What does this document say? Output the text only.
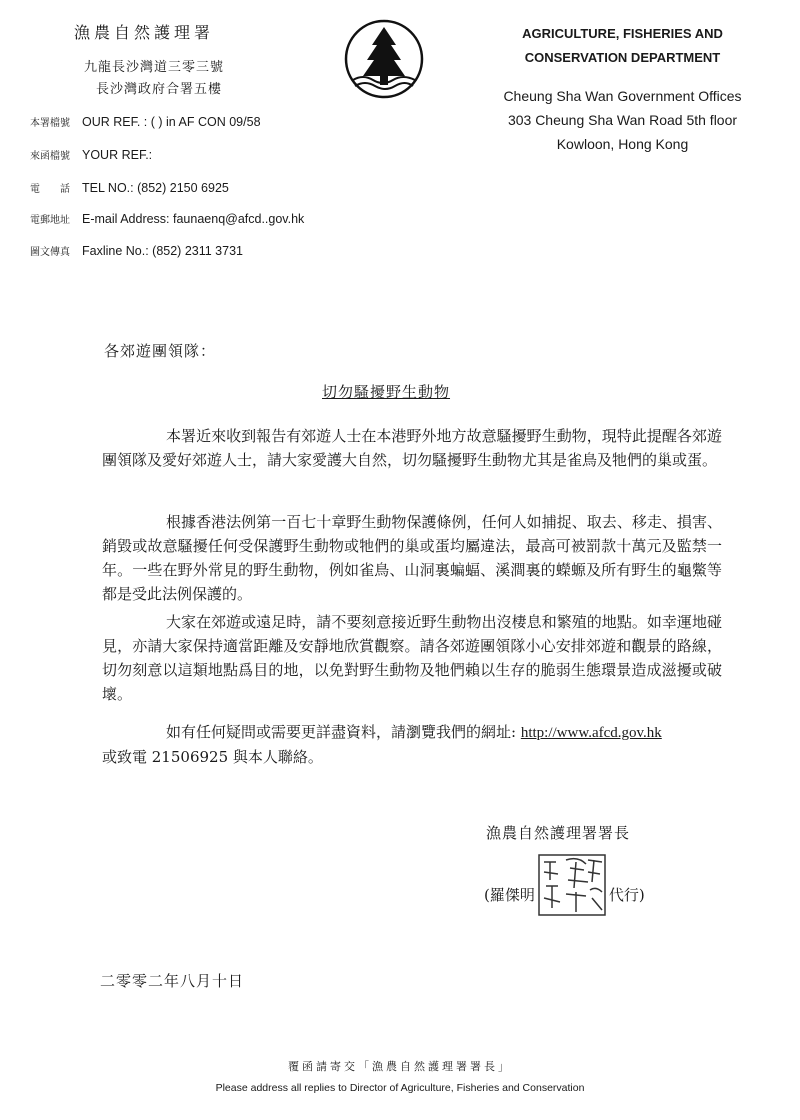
漁農自然護理署
九龍長沙灣道三零三號
長沙灣政府合署五樓
AGRICULTURE, FISHERIES AND
CONSERVATION DEPARTMENT
Cheung Sha Wan Government Offices
303 Cheung Sha Wan Road 5th floor
Kowloon, Hong Kong
本署檔號 OUR REF. : ( ) in AF CON 09/58
來函檔號 YOUR REF.:
電　　話 TEL NO.: (852) 2150 6925
電郵地址 E-mail Address: faunaenq@afcd..gov.hk
圖文傳真 Faxline No.: (852) 2311 3731
各郊遊團領隊：
切勿騷擾野生動物
本署近來收到報告有郊遊人士在本港野外地方故意騷擾野生動物，現特此提醒各郊遊團領隊及愛好郊遊人士，請大家愛護大自然，切勿騷擾野生動物尤其是雀鳥及牠們的巢或蛋。
根據香港法例第一百七十章野生動物保護條例，任何人如捕捉、取去、移走、損害、銷毀或故意騷擾任何受保護野生動物或牠們的巢或蛋均屬違法，最高可被罰款十萬元及監禁一年。一些在野外常見的野生動物，例如雀鳥、山洞裏蝙蝠、溪澗裏的蠑螈及所有野生的龜鱉等都是受此法例保護的。
大家在郊遊或遠足時，請不要刻意接近野生動物出沒棲息和繁殖的地點。如幸運地碰見，亦請大家保持適當距離及安靜地欣賞觀察。請各郊遊團領隊小心安排郊遊和觀景的路線，切勿刻意以這類地點爲目的地，以免對野生動物及牠們賴以生存的脆弱生態環景造成滋擾或破壞。
如有任何疑問或需要更詳盡資料，請瀏覽我們的網址: http://www.afcd.gov.hk
或致電 21506925 與本人聯絡。
漁農自然護理署署長
(羅傑明	代行)
二零零二年八月十日
覆函請寄交「漁農自然護理署署長」
Please address all replies to Director of Agriculture, Fisheries and Conservation
